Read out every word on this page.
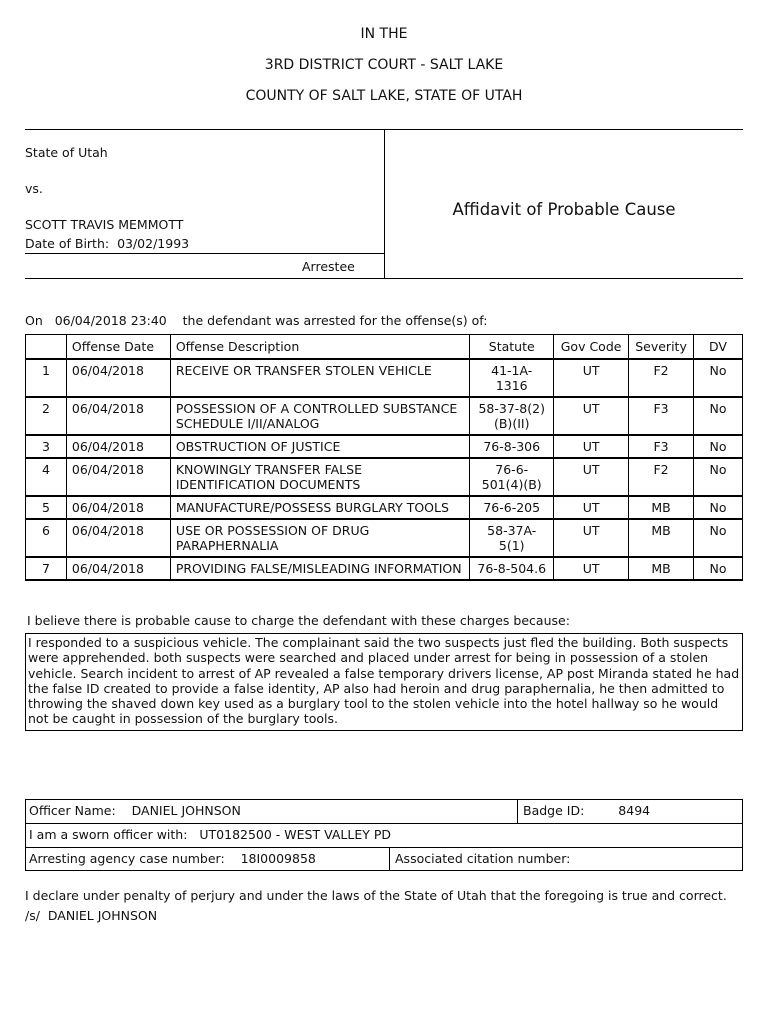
IN THE
3RD DISTRICT COURT - SALT LAKE
COUNTY OF SALT LAKE, STATE OF UTAH
State of Utah
vs.
SCOTT TRAVIS MEMMOTT
Date of Birth: 03/02/1993
Arrestee
Affidavit of Probable Cause
On 06/04/2018 23:40 the defendant was arrested for the offense(s) of:
	Offense Date	Offense Description	Statute	Gov Code	Severity	DV
1	06/04/2018	RECEIVE OR TRANSFER STOLEN VEHICLE	41-1A-1316	UT	F2	No
2	06/04/2018	POSSESSION OF A CONTROLLED SUBSTANCE SCHEDULE I/II/ANALOG	58-37-8(2)(B)(II)	UT	F3	No
3	06/04/2018	OBSTRUCTION OF JUSTICE	76-8-306	UT	F3	No
4	06/04/2018	KNOWINGLY TRANSFER FALSE IDENTIFICATION DOCUMENTS	76-6-501(4)(B)	UT	F2	No
5	06/04/2018	MANUFACTURE/POSSESS BURGLARY TOOLS	76-6-205	UT	MB	No
6	06/04/2018	USE OR POSSESSION OF DRUG PARAPHERNALIA	58-37A-5(1)	UT	MB	No
7	06/04/2018	PROVIDING FALSE/MISLEADING INFORMATION	76-8-504.6	UT	MB	No
I believe there is probable cause to charge the defendant with these charges because:
I responded to a suspicious vehicle. The complainant said the two suspects just fled the building. Both suspects were apprehended. both suspects were searched and placed under arrest for being in possession of a stolen vehicle. Search incident to arrest of AP revealed a false temporary drivers license, AP post Miranda stated he had the false ID created to provide a false identity, AP also had heroin and drug paraphernalia, he then admitted to throwing the shaved down key used as a burglary tool to the stolen vehicle into the hotel hallway so he would not be caught in possession of the burglary tools.
Officer Name: DANIEL JOHNSON	Badge ID:	8494
I am a sworn officer with: UT0182500 - WEST VALLEY PD
Arresting agency case number: 18I0009858	Associated citation number:
I declare under penalty of perjury and under the laws of the State of Utah that the foregoing is true and correct.
/s/ DANIEL JOHNSON
